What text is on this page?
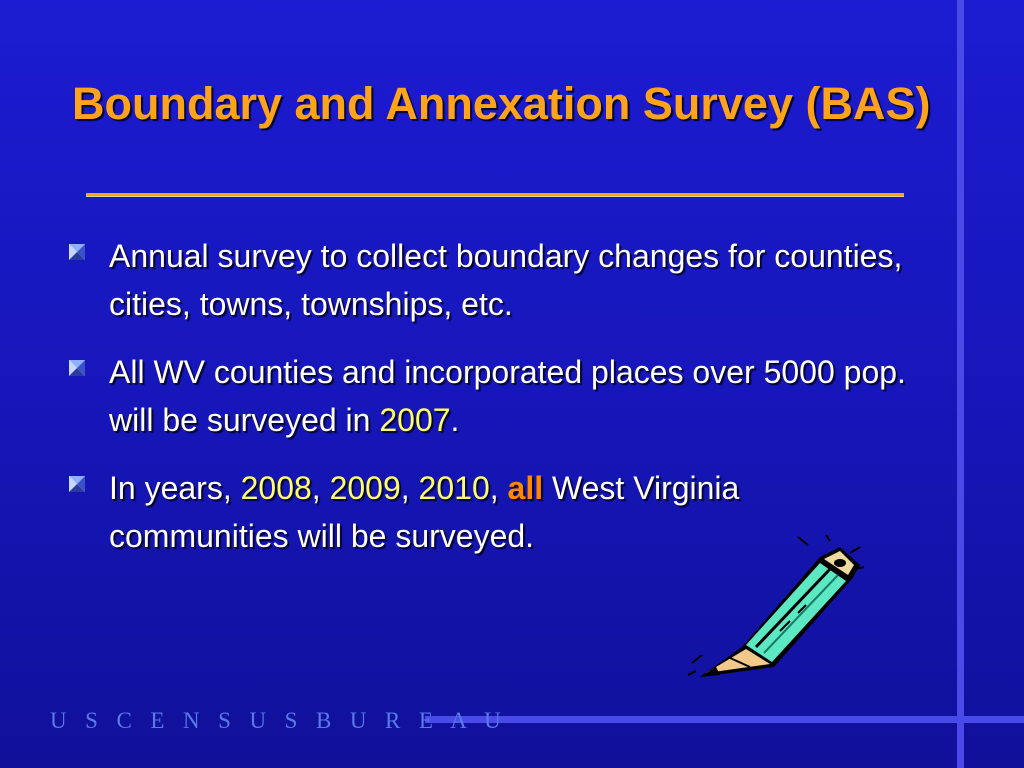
Boundary and Annexation Survey (BAS)
Annual survey to collect boundary changes for counties, cities, towns, townships, etc.
All WV counties and incorporated places over 5000 pop. will be surveyed in 2007.
In years, 2008, 2009, 2010, all West Virginia communities will be surveyed.
U S C E N S U S B U R E A U
